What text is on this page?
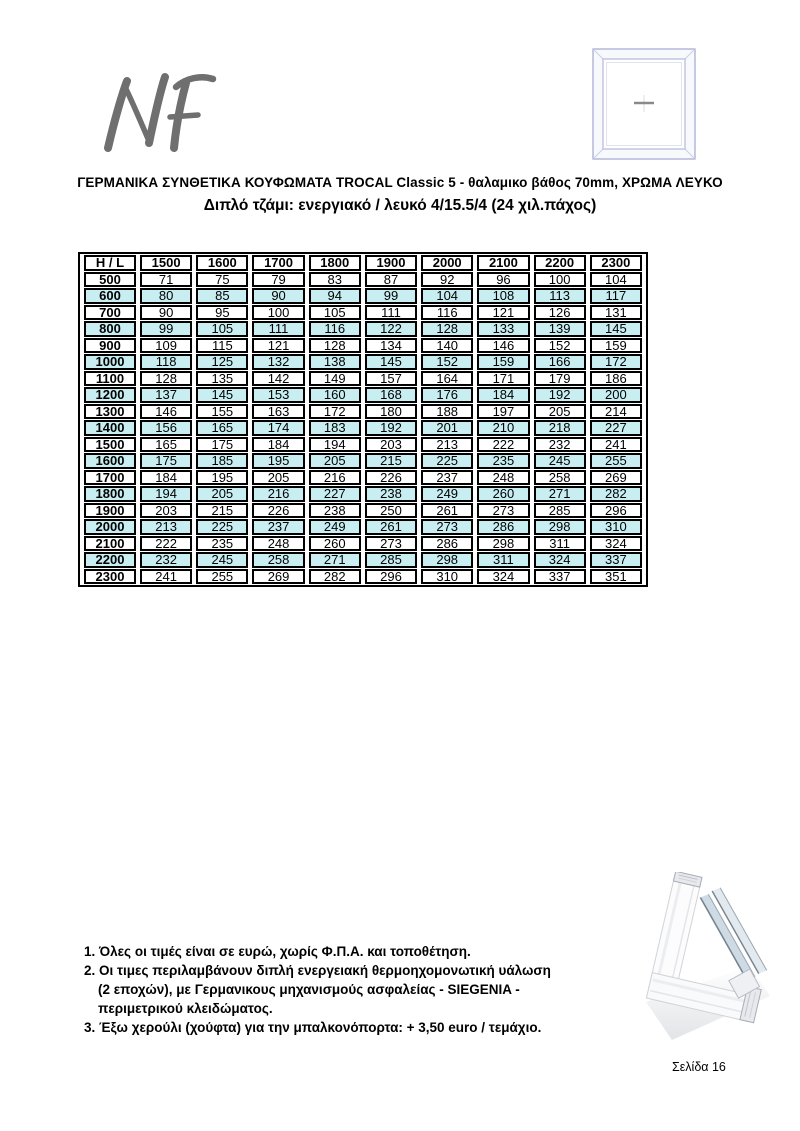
ΓΕΡΜΑΝΙΚΑ ΣΥΝΘΕΤΙΚΑ ΚΟΥΦΩΜΑΤΑ TROCAL Classic 5 - θαλαμικο βάθος 70mm, ΧΡΩΜΑ ΛΕΥΚΟ
Διπλό τζάμι: ενεργιακό / λευκό 4/15.5/4 (24 χιλ.πάχος)
H / L	1500	1600	1700	1800	1900	2000	2100	2200	2300
500	71	75	79	83	87	92	96	100	104
600	80	85	90	94	99	104	108	113	117
700	90	95	100	105	111	116	121	126	131
800	99	105	111	116	122	128	133	139	145
900	109	115	121	128	134	140	146	152	159
1000	118	125	132	138	145	152	159	166	172
1100	128	135	142	149	157	164	171	179	186
1200	137	145	153	160	168	176	184	192	200
1300	146	155	163	172	180	188	197	205	214
1400	156	165	174	183	192	201	210	218	227
1500	165	175	184	194	203	213	222	232	241
1600	175	185	195	205	215	225	235	245	255
1700	184	195	205	216	226	237	248	258	269
1800	194	205	216	227	238	249	260	271	282
1900	203	215	226	238	250	261	273	285	296
2000	213	225	237	249	261	273	286	298	310
2100	222	235	248	260	273	286	298	311	324
2200	232	245	258	271	285	298	311	324	337
2300	241	255	269	282	296	310	324	337	351
1. Όλες οι τιμές είναι σε ευρώ, χωρίς Φ.Π.Α. και τοποθέτηση.
2. Οι τιμες περιλαμβάνουν διπλή ενεργειακή θερμοηχομονωτική υάλωση
(2 εποχών), με Γερμανικους μηχανισμούς ασφαλείας - SIEGENIA -
περιμετρικού κλειδώματος.
3. Έξω χερούλι (χούφτα) για την μπαλκονόπορτα: + 3,50 euro / τεμάχιο.
Σελίδα 16
